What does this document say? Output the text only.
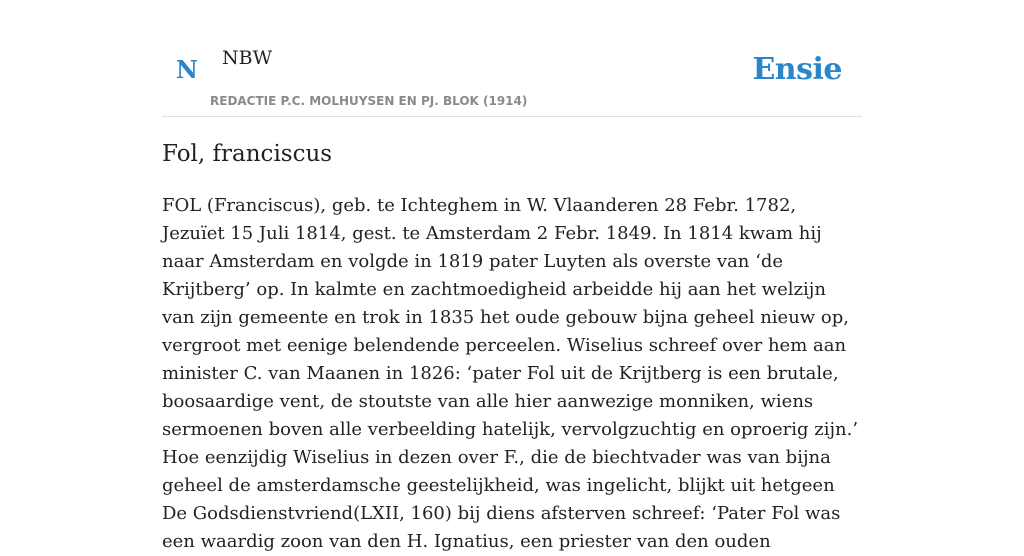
N NBW
REDACTIE P.C. MOLHUYSEN EN PJ. BLOK (1914)
Ensie
Fol, franciscus

FOL (Franciscus), geb. te Ichteghem in W. Vlaanderen 28 Febr. 1782, Jezuïet 15 Juli 1814, gest. te Amsterdam 2 Febr. 1849. In 1814 kwam hij naar Amsterdam en volgde in 1819 pater Luyten als overste van ‘de Krijtberg’ op. In kalmte en zachtmoedigheid arbeidde hij aan het welzijn van zijn gemeente en trok in 1835 het oude gebouw bijna geheel nieuw op, vergroot met eenige belendende perceelen. Wiselius schreef over hem aan minister C. van Maanen in 1826: ‘pater Fol uit de Krijtberg is een brutale, boosaardige vent, de stoutste van alle hier aanwezige monniken, wiens sermoenen boven alle verbeelding hatelijk, vervolgzuchtig en oproerig zijn.’ Hoe eenzijdig Wiselius in dezen over F., die de biechtvader was van bijna geheel de amsterdamsche geestelijkheid, was ingelicht, blijkt uit hetgeen De Godsdienstvriend(LXII, 160) bij diens afsterven schreef: ‘Pater Fol was een waardig zoon van den H. Ignatius, een priester van den ouden
